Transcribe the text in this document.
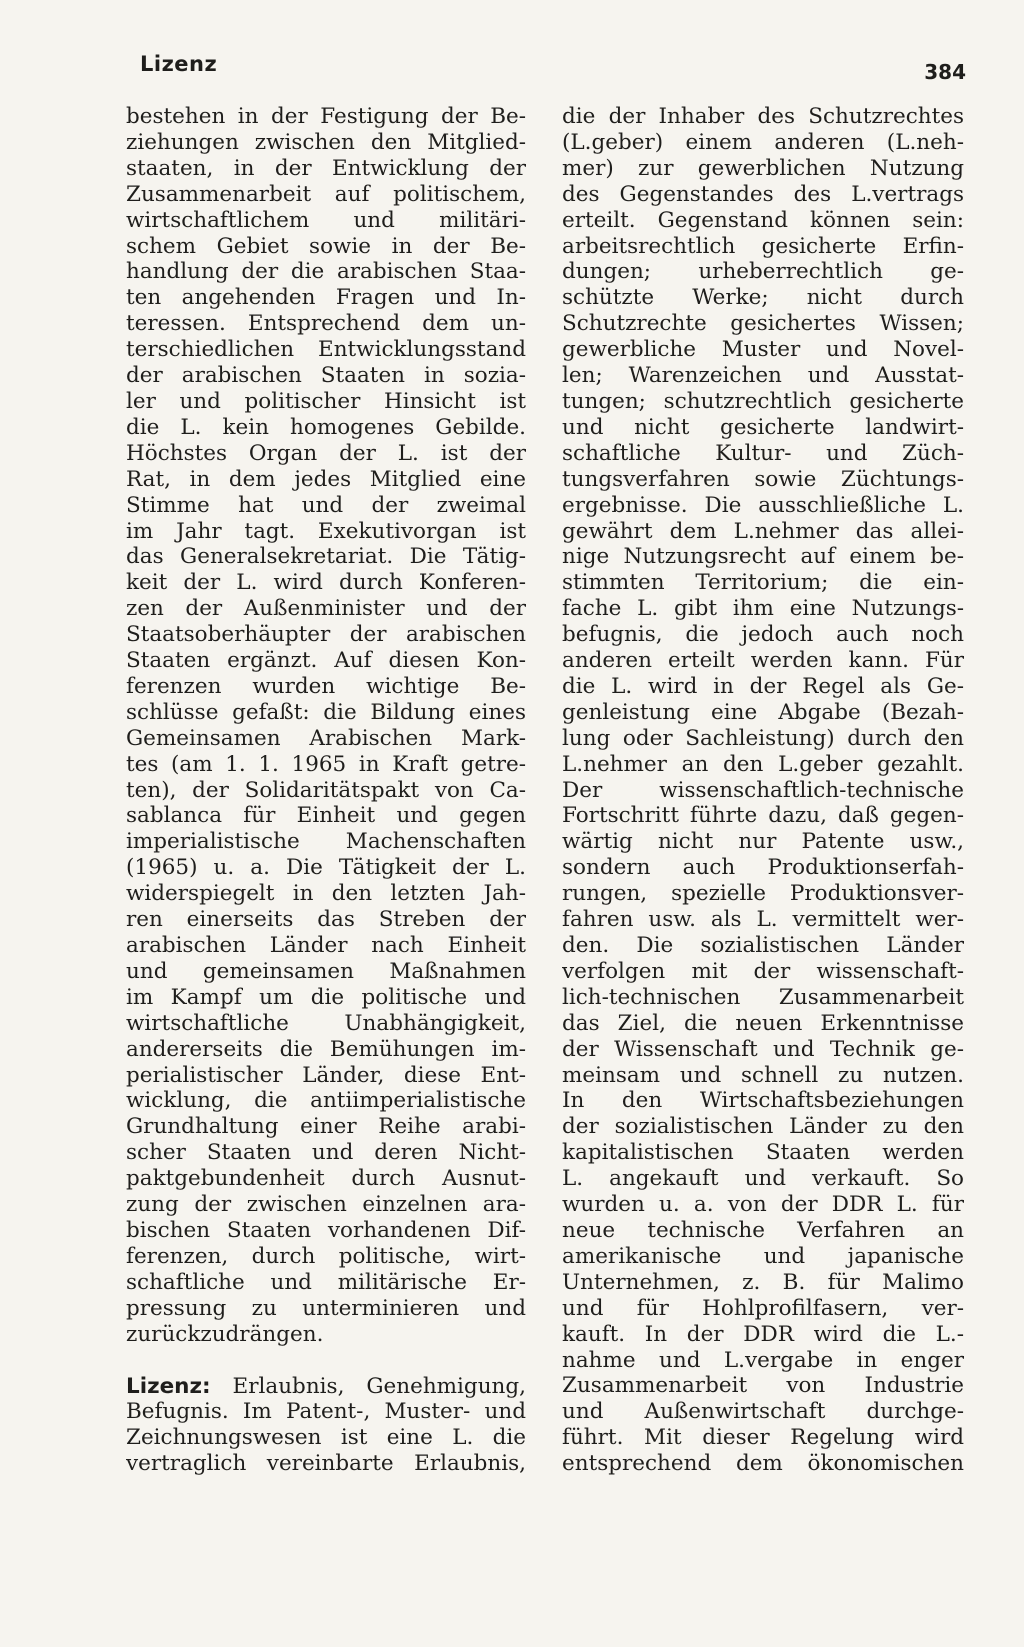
Lizenz	384

bestehen in der Festigung der Be-
ziehungen zwischen den Mitglied-
staaten, in der Entwicklung der
Zusammenarbeit auf politischem,
wirtschaftlichem und militäri-
schem Gebiet sowie in der Be-
handlung der die arabischen Staa-
ten angehenden Fragen und In-
teressen. Entsprechend dem un-
terschiedlichen Entwicklungsstand
der arabischen Staaten in sozia-
ler und politischer Hinsicht ist
die L. kein homogenes Gebilde.
Höchstes Organ der L. ist der
Rat, in dem jedes Mitglied eine
Stimme hat und der zweimal
im Jahr tagt. Exekutivorgan ist
das Generalsekretariat. Die Tätig-
keit der L. wird durch Konferen-
zen der Außenminister und der
Staatsoberhäupter der arabischen
Staaten ergänzt. Auf diesen Kon-
ferenzen wurden wichtige Be-
schlüsse gefaßt: die Bildung eines
Gemeinsamen Arabischen Mark-
tes (am 1. 1. 1965 in Kraft getre-
ten), der Solidaritätspakt von Ca-
sablanca für Einheit und gegen
imperialistische Machenschaften
(1965) u. a. Die Tätigkeit der L.
widerspiegelt in den letzten Jah-
ren einerseits das Streben der
arabischen Länder nach Einheit
und gemeinsamen Maßnahmen
im Kampf um die politische und
wirtschaftliche Unabhängigkeit,
andererseits die Bemühungen im-
perialistischer Länder, diese Ent-
wicklung, die antiimperialistische
Grundhaltung einer Reihe arabi-
scher Staaten und deren Nicht-
paktgebundenheit durch Ausnut-
zung der zwischen einzelnen ara-
bischen Staaten vorhandenen Dif-
ferenzen, durch politische, wirt-
schaftliche und militärische Er-
pressung zu unterminieren und
zurückzudrängen.

Lizenz: Erlaubnis, Genehmigung,
Befugnis. Im Patent-, Muster- und
Zeichnungswesen ist eine L. die
vertraglich vereinbarte Erlaubnis,

die der Inhaber des Schutzrechtes
(L.geber) einem anderen (L.neh-
mer) zur gewerblichen Nutzung
des Gegenstandes des L.vertrags
erteilt. Gegenstand können sein:
arbeitsrechtlich gesicherte Erfin-
dungen; urheberrechtlich ge-
schützte Werke; nicht durch
Schutzrechte gesichertes Wissen;
gewerbliche Muster und Novel-
len; Warenzeichen und Ausstat-
tungen; schutzrechtlich gesicherte
und nicht gesicherte landwirt-
schaftliche Kultur- und Züch-
tungsverfahren sowie Züchtungs-
ergebnisse. Die ausschließliche L.
gewährt dem L.nehmer das allei-
nige Nutzungsrecht auf einem be-
stimmten Territorium; die ein-
fache L. gibt ihm eine Nutzungs-
befugnis, die jedoch auch noch
anderen erteilt werden kann. Für
die L. wird in der Regel als Ge-
genleistung eine Abgabe (Bezah-
lung oder Sachleistung) durch den
L.nehmer an den L.geber gezahlt.
Der wissenschaftlich-technische
Fortschritt führte dazu, daß gegen-
wärtig nicht nur Patente usw.,
sondern auch Produktionserfah-
rungen, spezielle Produktionsver-
fahren usw. als L. vermittelt wer-
den. Die sozialistischen Länder
verfolgen mit der wissenschaft-
lich-technischen Zusammenarbeit
das Ziel, die neuen Erkenntnisse
der Wissenschaft und Technik ge-
meinsam und schnell zu nutzen.
In den Wirtschaftsbeziehungen
der sozialistischen Länder zu den
kapitalistischen Staaten werden
L. angekauft und verkauft. So
wurden u. a. von der DDR L. für
neue technische Verfahren an
amerikanische und japanische
Unternehmen, z. B. für Malimo
und für Hohlprofilfasern, ver-
kauft. In der DDR wird die L.-
nahme und L.vergabe in enger
Zusammenarbeit von Industrie
und Außenwirtschaft durchge-
führt. Mit dieser Regelung wird
entsprechend dem ökonomischen
